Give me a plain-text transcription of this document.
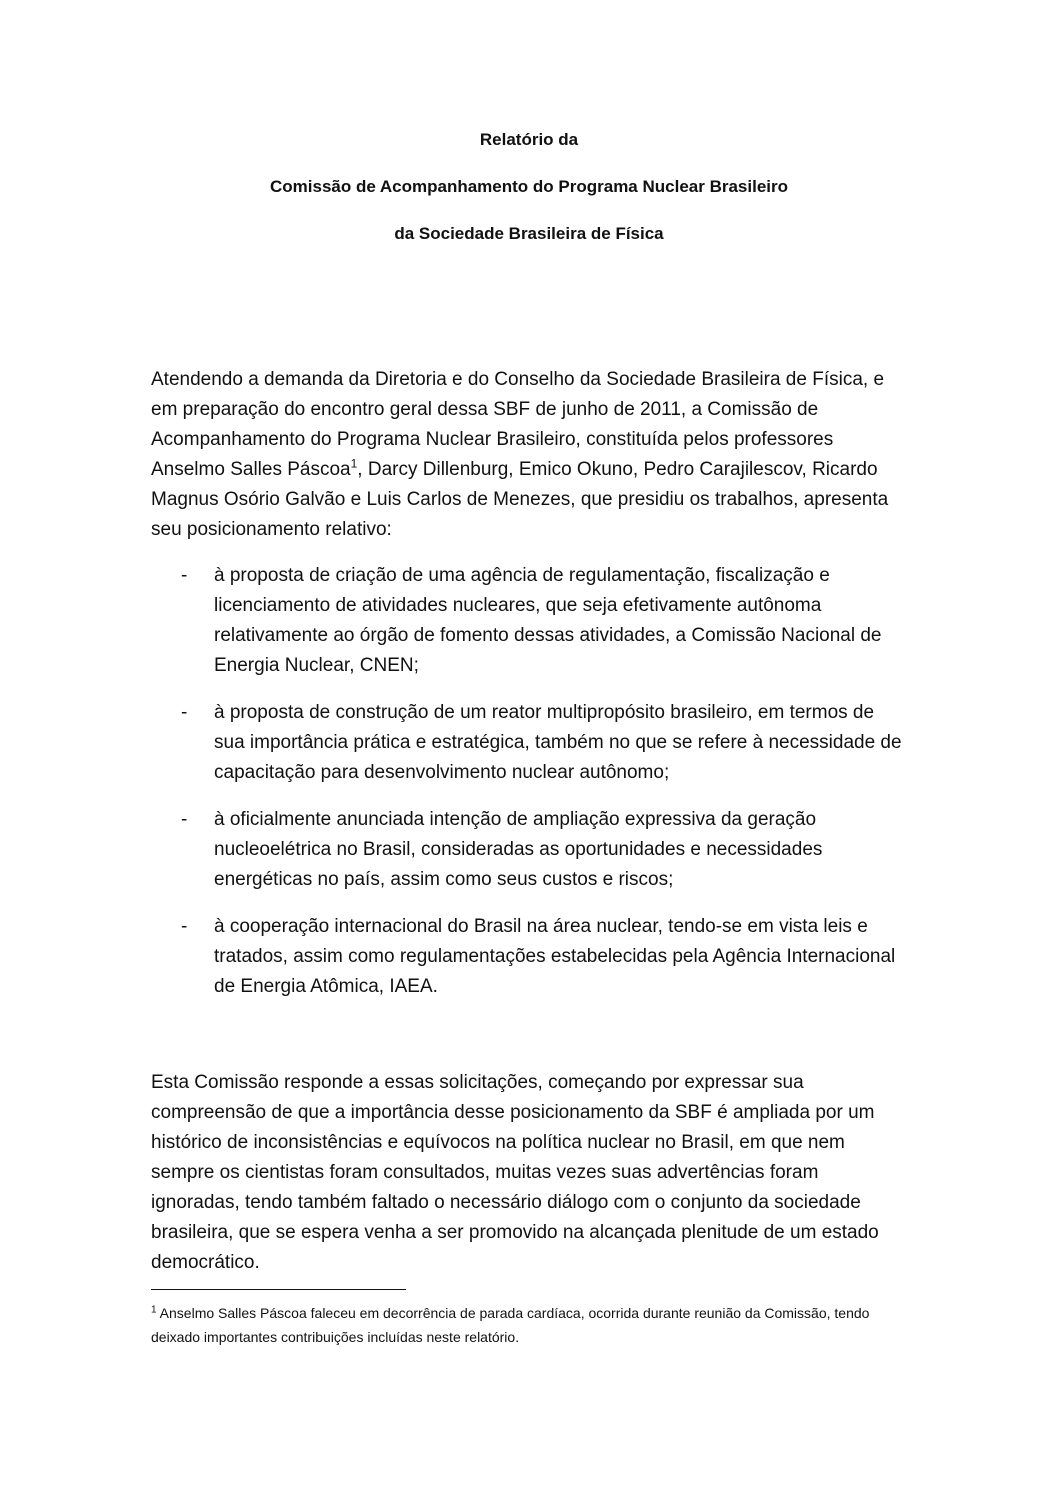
Relatório da

Comissão de Acompanhamento do Programa Nuclear Brasileiro

da Sociedade Brasileira de Física

Atendendo a demanda da Diretoria e do Conselho da Sociedade Brasileira de Física, e em preparação do encontro geral dessa SBF de junho de 2011, a Comissão de Acompanhamento do Programa Nuclear Brasileiro, constituída pelos professores Anselmo Salles Páscoa$^1$, Darcy Dillenburg, Emico Okuno, Pedro Carajilescov, Ricardo Magnus Osório Galvão e Luis Carlos de Menezes, que presidiu os trabalhos, apresenta seu posicionamento relativo:

- à proposta de criação de uma agência de regulamentação, fiscalização e licenciamento de atividades nucleares, que seja efetivamente autônoma relativamente ao órgão de fomento dessas atividades, a Comissão Nacional de Energia Nuclear, CNEN;
- à proposta de construção de um reator multipropósito brasileiro, em termos de sua importância prática e estratégica, também no que se refere à necessidade de capacitação para desenvolvimento nuclear autônomo;
- à oficialmente anunciada intenção de ampliação expressiva da geração nucleoelétrica no Brasil, consideradas as oportunidades e necessidades energéticas no país, assim como seus custos e riscos;
- à cooperação internacional do Brasil na área nuclear, tendo-se em vista leis e tratados, assim como regulamentações estabelecidas pela Agência Internacional de Energia Atômica, IAEA.

Esta Comissão responde a essas solicitações, começando por expressar sua compreensão de que a importância desse posicionamento da SBF é ampliada por um histórico de inconsistências e equívocos na política nuclear no Brasil, em que nem sempre os cientistas foram consultados, muitas vezes suas advertências foram ignoradas, tendo também faltado o necessário diálogo com o conjunto da sociedade brasileira, que se espera venha a ser promovido na alcançada plenitude de um estado democrático.

$^1$ Anselmo Salles Páscoa faleceu em decorrência de parada cardíaca, ocorrida durante reunião da Comissão, tendo deixado importantes contribuições incluídas neste relatório.
